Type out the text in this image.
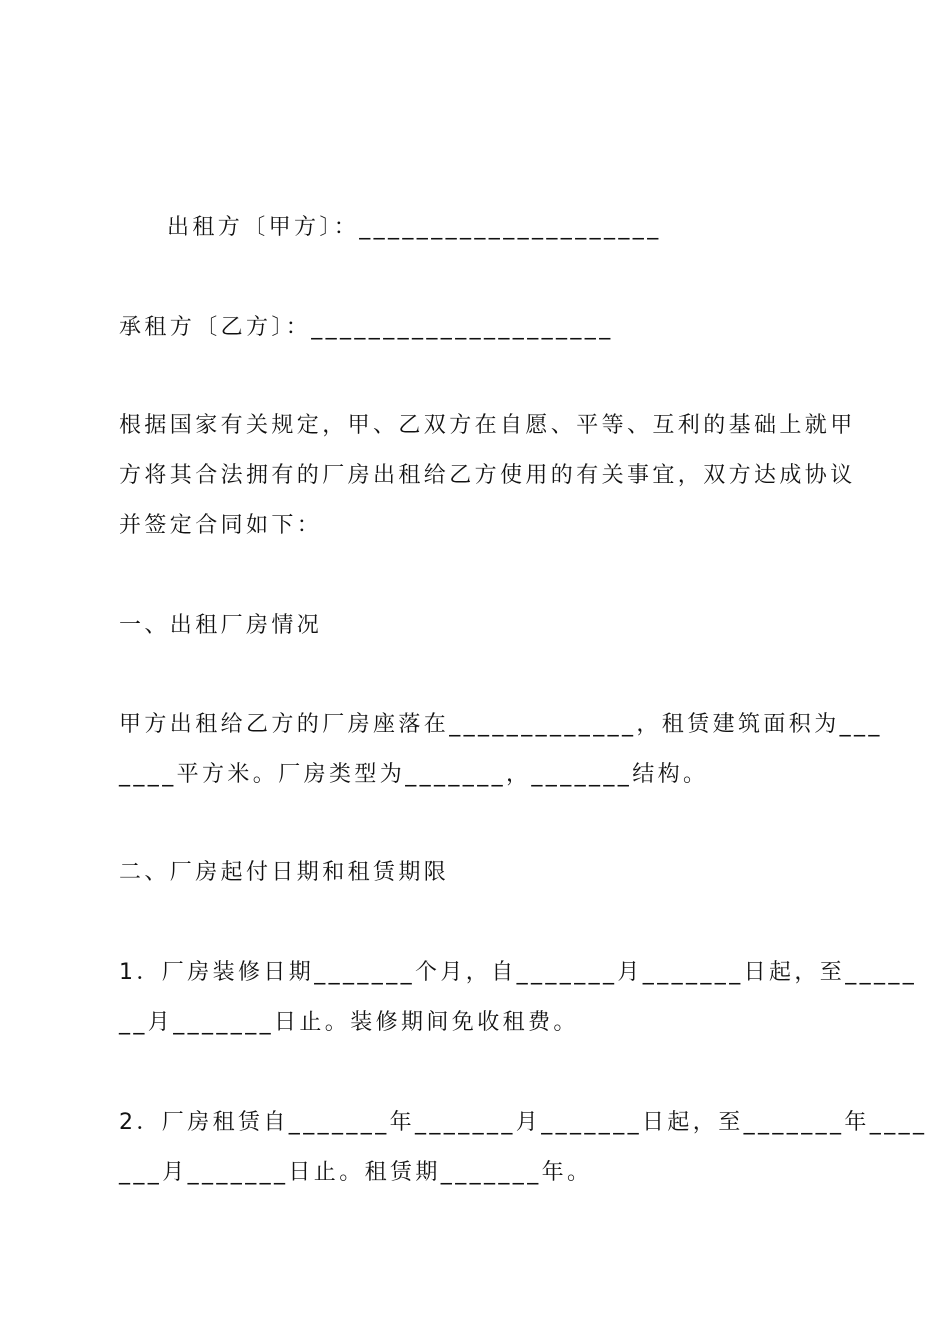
出租方〔甲方〕：_____________________

承租方〔乙方〕：_____________________

根据国家有关规定，甲、乙双方在自愿、平等、互利的基础上就甲

方将其合法拥有的厂房出租给乙方使用的有关事宜，双方达成协议

并签定合同如下：

一、出租厂房情况

甲方出租给乙方的厂房座落在_____________，租赁建筑面积为___

____平方米。厂房类型为_______，_______结构。

二、厂房起付日期和租赁期限

1．厂房装修日期_______个月，自_______月_______日起，至_____

__月_______日止。装修期间免收租费。

2．厂房租赁自_______年_______月_______日起，至_______年____

___月_______日止。租赁期_______年。
